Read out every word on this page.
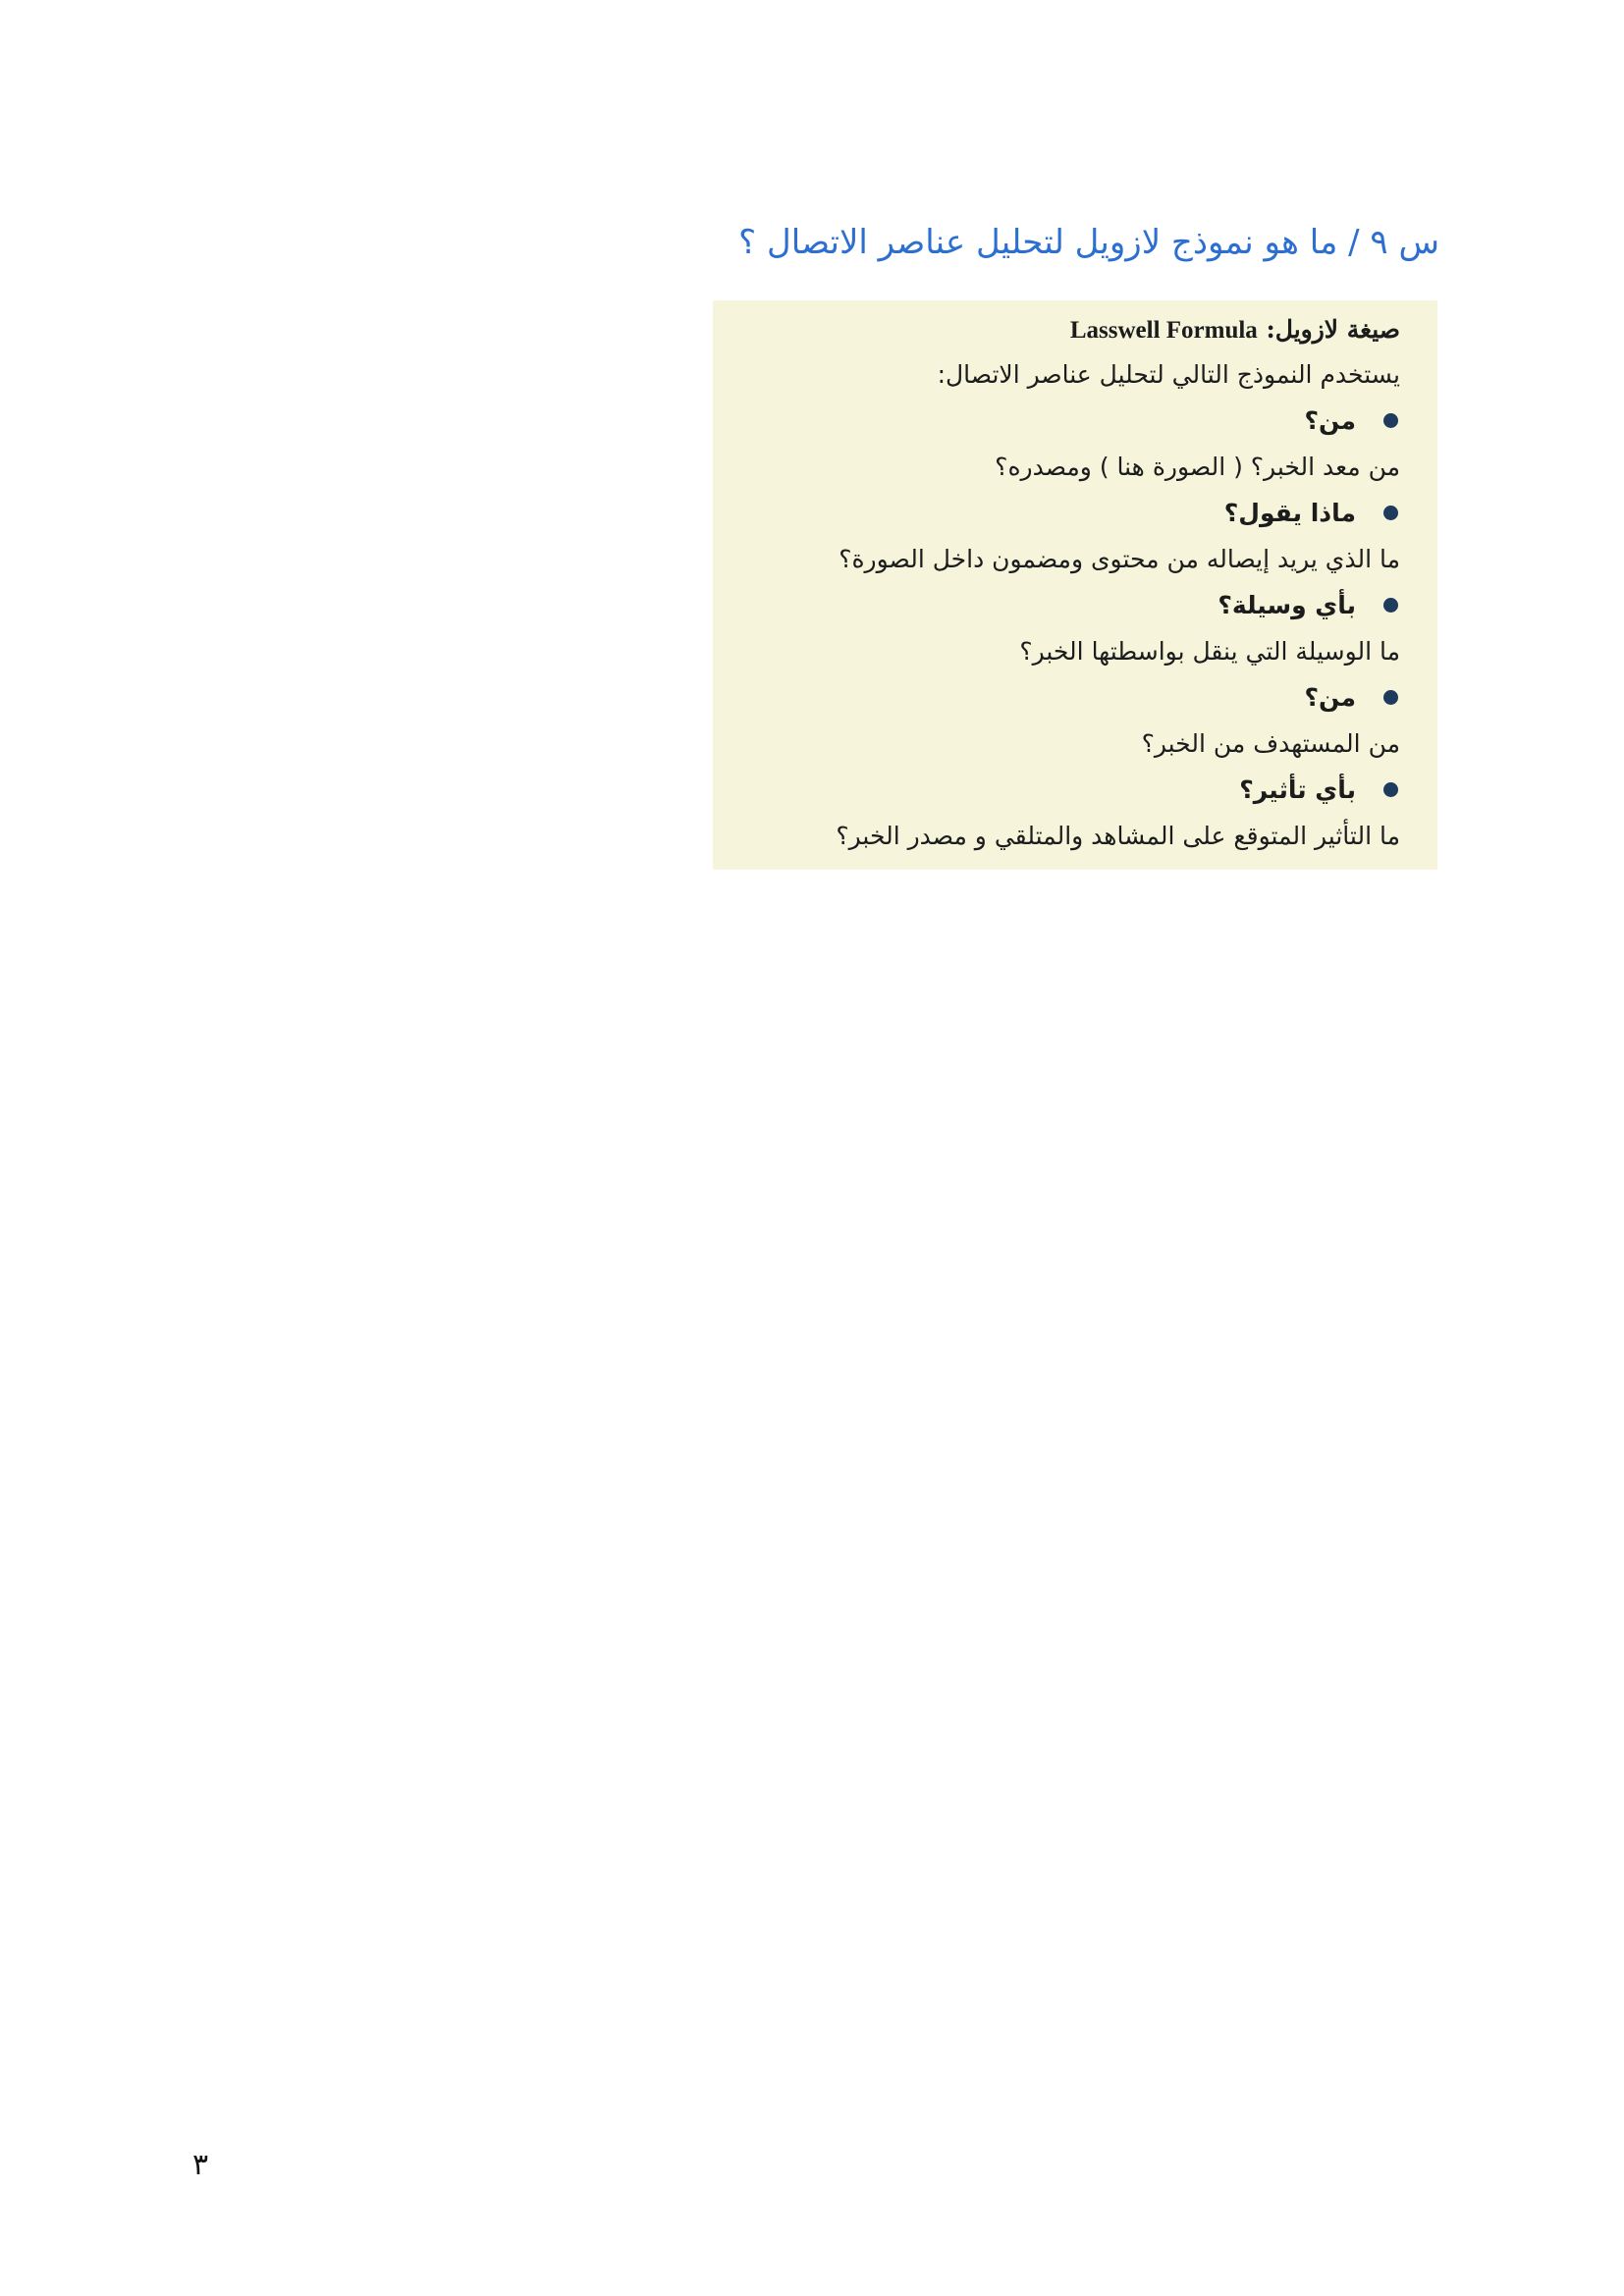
س ٩ / ما هو نموذج لازويل لتحليل عناصر الاتصال ؟
صيغة لازويل: Lasswell Formula
يستخدم النموذج التالي لتحليل عناصر الاتصال:
من؟
من معد الخبر؟ ( الصورة هنا ) ومصدره؟
ماذا يقول؟
ما الذي يريد إيصاله من محتوى ومضمون داخل الصورة؟
بأي وسيلة؟
ما الوسيلة التي ينقل بواسطتها الخبر؟
من؟
من المستهدف من الخبر؟
بأي تأثير؟
ما التأثير المتوقع على المشاهد والمتلقي و مصدر الخبر؟
٣
